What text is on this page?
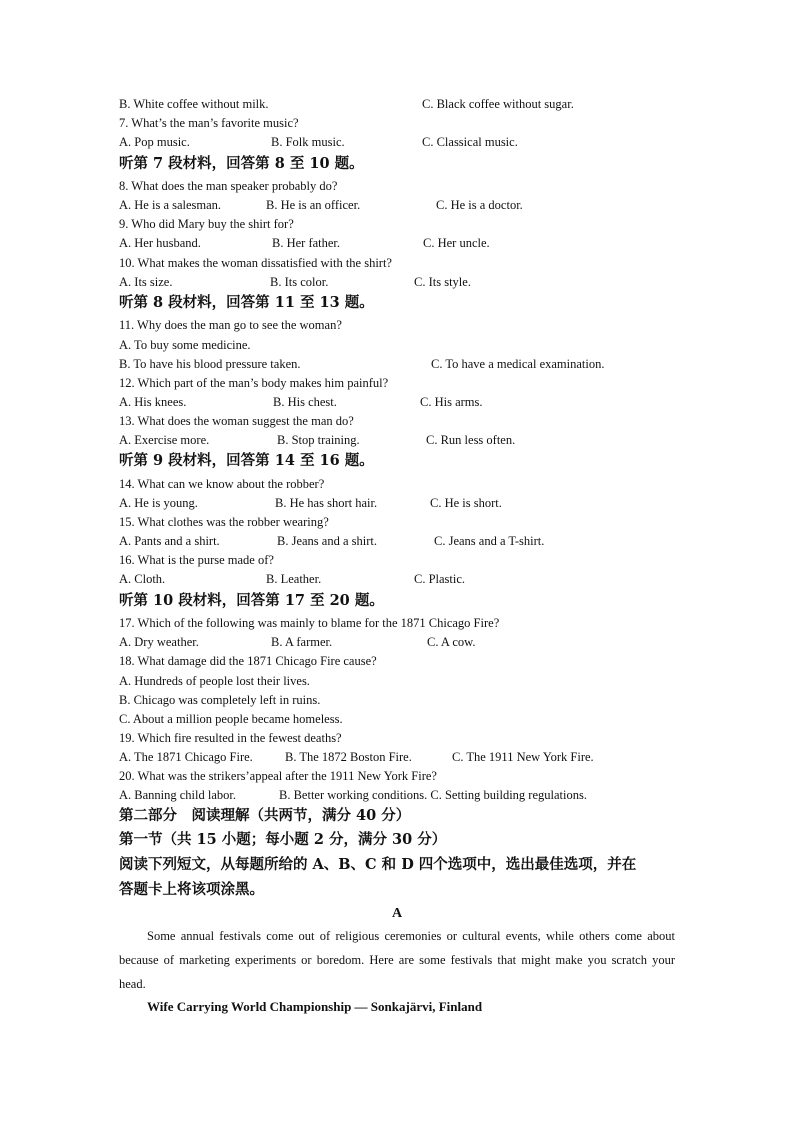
B. White coffee without milk.	C. Black coffee without sugar.
7. What’s the man’s favorite music?
A. Pop music.	B. Folk music.	C. Classical music.
听第 7 段材料，回答第 8 至 10 题。
8. What does the man speaker probably do?
A. He is a salesman.	B. He is an officer.	C. He is a doctor.
9. Who did Mary buy the shirt for?
A. Her husband.	B. Her father.	C. Her uncle.
10. What makes the woman dissatisfied with the shirt?
A. Its size.	B. Its color.	C. Its style.
听第 8 段材料，回答第 11 至 13 题。
11. Why does the man go to see the woman?
A. To buy some medicine.
B. To have his blood pressure taken.	C. To have a medical examination.
12. Which part of the man’s body makes him painful?
A. His knees.	B. His chest.	C. His arms.
13. What does the woman suggest the man do?
A. Exercise more.	B. Stop training.	C. Run less often.
听第 9 段材料，回答第 14 至 16 题。
14. What can we know about the robber?
A. He is young.	B. He has short hair.	C. He is short.
15. What clothes was the robber wearing?
A. Pants and a shirt.	B. Jeans and a shirt.	C. Jeans and a T-shirt.
16. What is the purse made of?
A. Cloth.	B. Leather.	C. Plastic.
听第 10 段材料，回答第 17 至 20 题。
17. Which of the following was mainly to blame for the 1871 Chicago Fire?
A. Dry weather.	B. A farmer.	C. A cow.
18. What damage did the 1871 Chicago Fire cause?
A. Hundreds of people lost their lives.
B. Chicago was completely left in ruins.
C. About a million people became homeless.
19. Which fire resulted in the fewest deaths?
A. The 1871 Chicago Fire.	B. The 1872 Boston Fire.	C. The 1911 New York Fire.
20. What was the strikers’appeal after the 1911 New York Fire?
A. Banning child labor.	B. Better working conditions. C. Setting building regulations.
第二部分　阅读理解（共两节，满分 40 分）
第一节（共 15 小题；每小题 2 分，满分 30 分）
阅读下列短文，从每题所给的 A、B、C 和 D 四个选项中，选出最佳选项，并在
答题卡上将该项涂黑。
A
Some annual festivals come out of religious ceremonies or cultural events, while others come about because of marketing experiments or boredom. Here are some festivals that might make you scratch your head.
Wife Carrying World Championship — Sonkajärvi, Finland
